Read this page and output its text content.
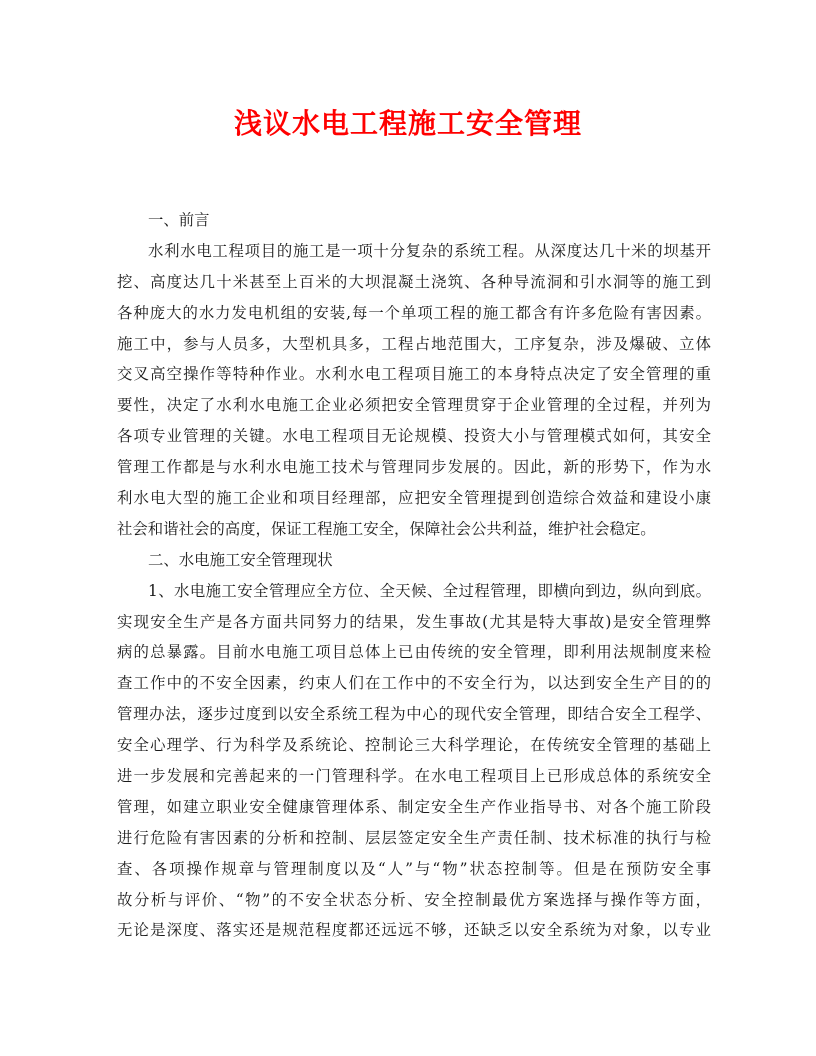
浅议水电工程施工安全管理
一、前言
水利水电工程项目的施工是一项十分复杂的系统工程。从深度达几十米的坝基开
挖、高度达几十米甚至上百米的大坝混凝土浇筑、各种导流洞和引水洞等的施工到
各种庞大的水力发电机组的安装,每一个单项工程的施工都含有许多危险有害因素。
施工中，参与人员多，大型机具多，工程占地范围大，工序复杂，涉及爆破、立体
交叉高空操作等特种作业。水利水电工程项目施工的本身特点决定了安全管理的重
要性，决定了水利水电施工企业必须把安全管理贯穿于企业管理的全过程，并列为
各项专业管理的关键。水电工程项目无论规模、投资大小与管理模式如何，其安全
管理工作都是与水利水电施工技术与管理同步发展的。因此，新的形势下，作为水
利水电大型的施工企业和项目经理部，应把安全管理提到创造综合效益和建设小康
社会和谐社会的高度，保证工程施工安全，保障社会公共利益，维护社会稳定。
二、水电施工安全管理现状
1、水电施工安全管理应全方位、全天候、全过程管理，即横向到边，纵向到底。
实现安全生产是各方面共同努力的结果，发生事故(尤其是特大事故)是安全管理弊
病的总暴露。目前水电施工项目总体上已由传统的安全管理，即利用法规制度来检
查工作中的不安全因素，约束人们在工作中的不安全行为，以达到安全生产目的的
管理办法，逐步过度到以安全系统工程为中心的现代安全管理，即结合安全工程学、
安全心理学、行为科学及系统论、控制论三大科学理论，在传统安全管理的基础上
进一步发展和完善起来的一门管理科学。在水电工程项目上已形成总体的系统安全
管理，如建立职业安全健康管理体系、制定安全生产作业指导书、对各个施工阶段
进行危险有害因素的分析和控制、层层签定安全生产责任制、技术标准的执行与检
查、各项操作规章与管理制度以及“人”与“物”状态控制等。但是在预防安全事
故分析与评价、“物”的不安全状态分析、安全控制最优方案选择与操作等方面，
无论是深度、落实还是规范程度都还远远不够，还缺乏以安全系统为对象，以专业
